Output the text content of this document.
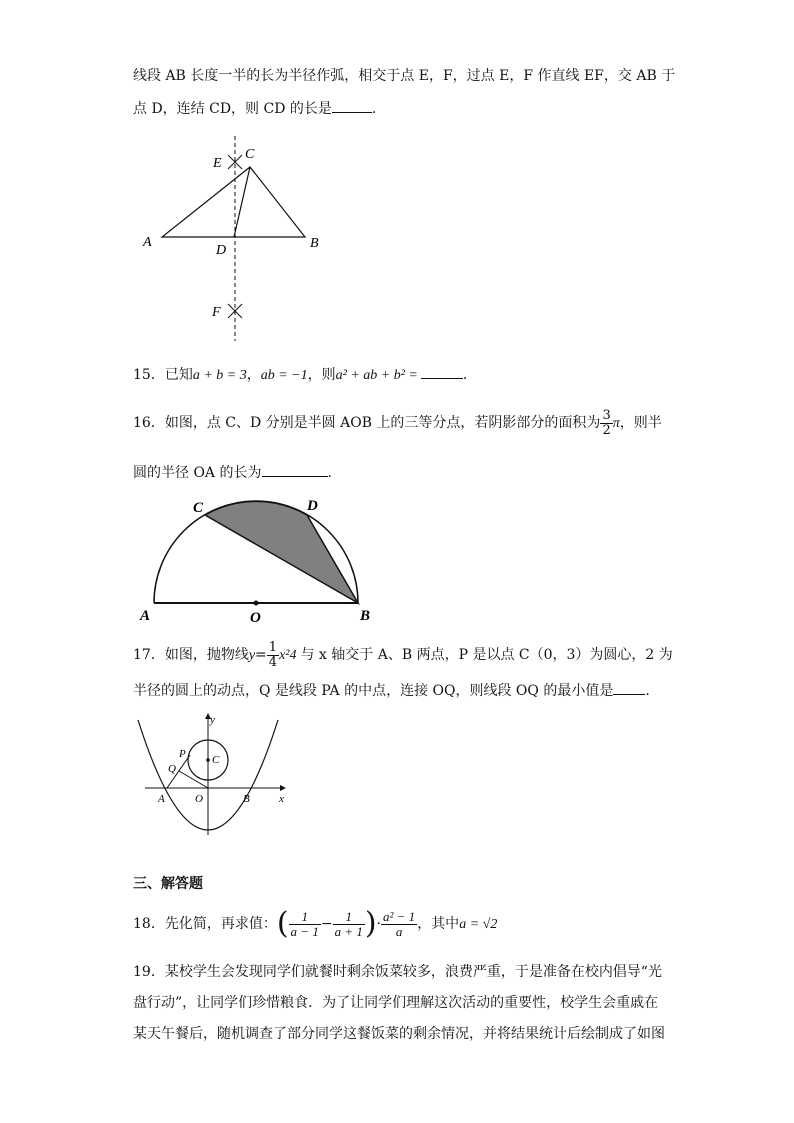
线段 AB 长度一半的长为半径作弧，相交于点 E，F，过点 E，F 作直线 EF，交 AB 于
点 D，连结 CD，则 CD 的长是	.
E
C
A
D	B
F
15．已知a + b = 3，ab = −1，则a² + ab + b² =	.
16．如图，点 C、D 分别是半圆 AOB 上的三等分点，若阴影部分的面积为 $\frac{3}{2}$ π，则半
圆的半径 OA 的长为	.
C	D
A	O	B
17．如图，抛物线$y= \frac{1}{4} x^24$ 与 x 轴交于 A、B 两点，P 是以点 C（0，3）为圆心，2 为
半径的圆上的动点，Q 是线段 PA 的中点，连接 OQ，则线段 OQ 的最小值是 .
y
x
P C
Q
A	O	B
三、解答题
18．先化简，再求值：( $\frac{1}{a - 1} - \frac{1}{a + 1}$ )· $\frac{\text{a² − 1}}{a}$ ，其中a = √2
19．某校学生会发现同学们就餐时剩余饭菜较多，浪费严重，于是准备在校内倡导“光
盘行动”，让同学们珍惜粮食．为了让同学们理解这次活动的重要性，校学生会重戚在
某天午餐后，随机调查了部分同学这餐饭菜的剩余情况，并将结果统计后绘制成了如图
